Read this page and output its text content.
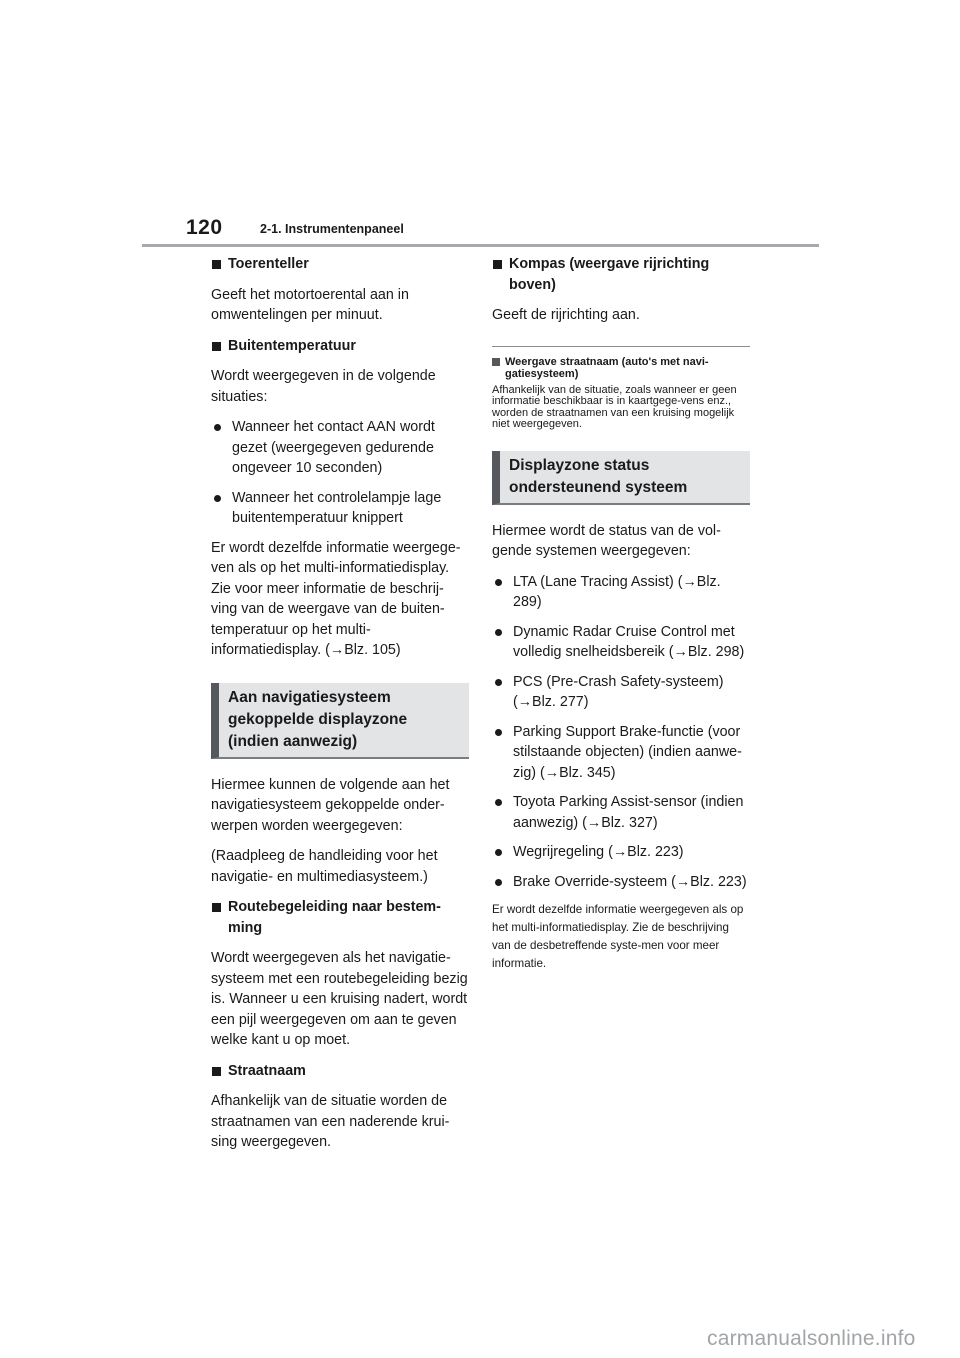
120	2-1. Instrumentenpaneel
Toerenteller
Geeft het motortoerental aan in omwentelingen per minuut.
Buitentemperatuur
Wordt weergegeven in de volgende situaties:
Wanneer het contact AAN wordt gezet (weergegeven gedurende ongeveer 10 seconden)
Wanneer het controlelampje lage buitentemperatuur knippert
Er wordt dezelfde informatie weergege-ven als op het multi-informatiedisplay. Zie voor meer informatie de beschrij-ving van de weergave van de buiten-temperatuur op het multi-informatiedisplay. (→Blz. 105)
Aan navigatiesysteem gekoppelde displayzone (indien aanwezig)
Hiermee kunnen de volgende aan het navigatiesysteem gekoppelde onder-werpen worden weergegeven:
(Raadpleeg de handleiding voor het navigatie- en multimediasysteem.)
Routebegeleiding naar bestem-ming
Wordt weergegeven als het navigatie-systeem met een routebegeleiding bezig is. Wanneer u een kruising nadert, wordt een pijl weergegeven om aan te geven welke kant u op moet.
Straatnaam
Afhankelijk van de situatie worden de straatnamen van een naderende krui-sing weergegeven.
Kompas (weergave rijrichting boven)
Geeft de rijrichting aan.
Weergave straatnaam (auto's met navi-gatiesysteem)
Afhankelijk van de situatie, zoals wanneer er geen informatie beschikbaar is in kaartgege-vens enz., worden de straatnamen van een kruising mogelijk niet weergegeven.
Displayzone status ondersteunend systeem
Hiermee wordt de status van de vol-gende systemen weergegeven:
LTA (Lane Tracing Assist) (→Blz. 289)
Dynamic Radar Cruise Control met volledig snelheidsbereik (→Blz. 298)
PCS (Pre-Crash Safety-systeem) (→Blz. 277)
Parking Support Brake-functie (voor stilstaande objecten) (indien aanwe-zig) (→Blz. 345)
Toyota Parking Assist-sensor (indien aanwezig) (→Blz. 327)
Wegrijregeling (→Blz. 223)
Brake Override-systeem (→Blz. 223)
Er wordt dezelfde informatie weergegeven als op het multi-informatiedisplay. Zie de beschrijving van de desbetreffende syste-men voor meer informatie.
carmanualsonline.info
